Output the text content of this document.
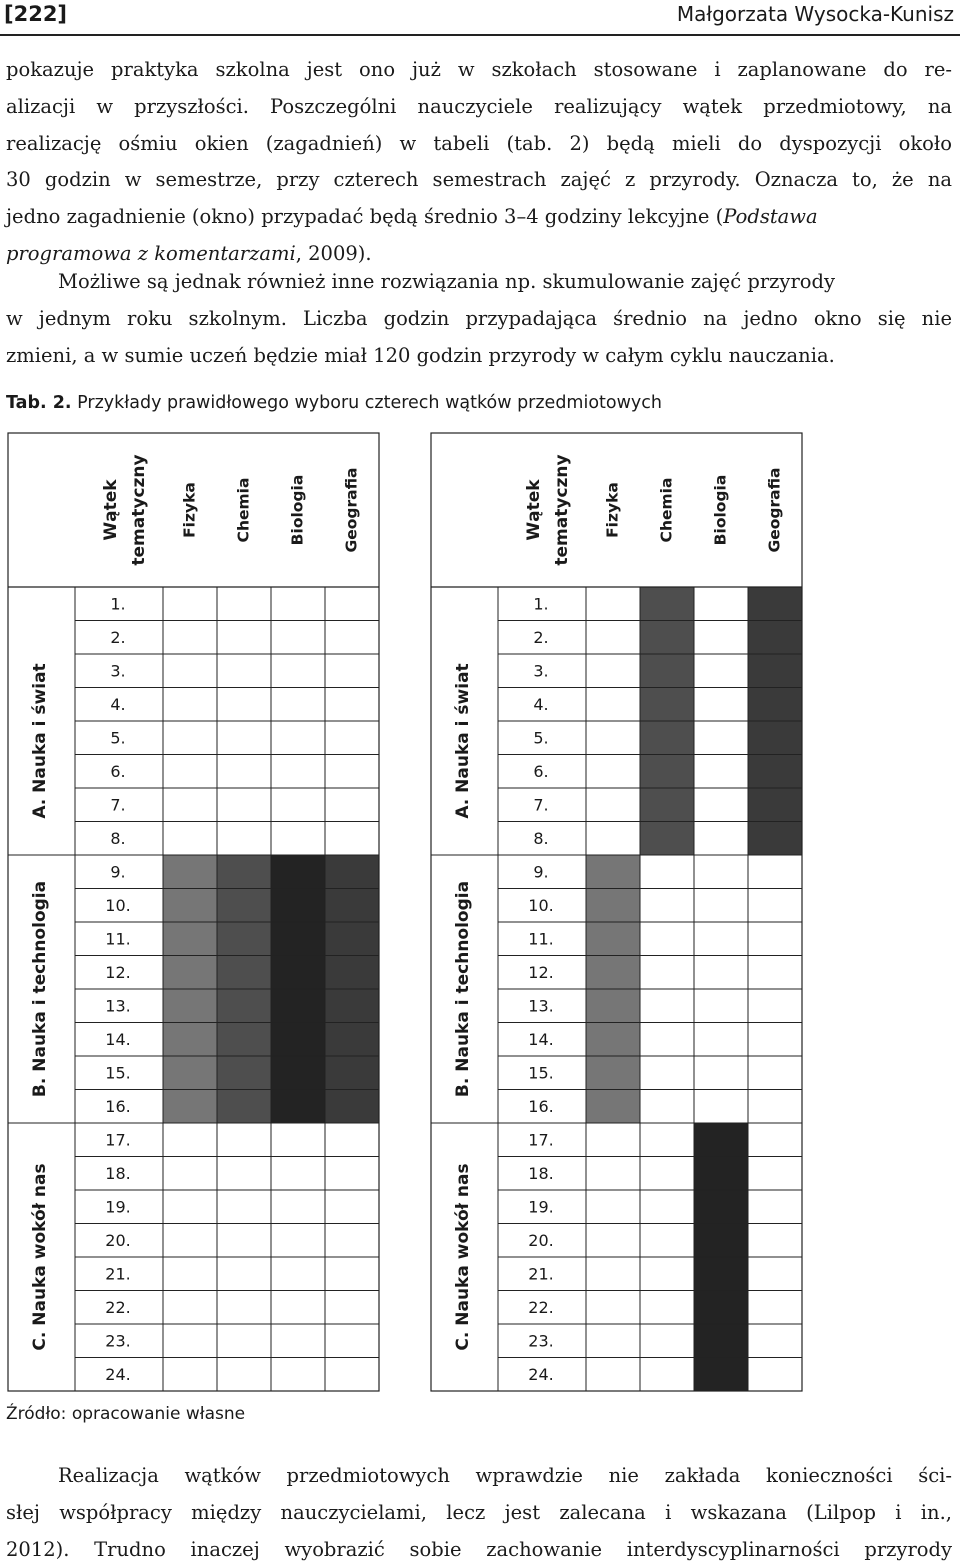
[222]	Małgorzata Wysocka-Kunisz
pokazuje praktyka szkolna jest ono już w szkołach stosowane i zaplanowane do re-
alizacji w przyszłości. Poszczególni nauczyciele realizujący wątek przedmiotowy, na
realizację ośmiu okien (zagadnień) w tabeli (tab. 2) będą mieli do dyspozycji około
30 godzin w semestrze, przy czterech semestrach zajęć z przyrody. Oznacza to, że na
jedno zagadnienie (okno) przypadać będą średnio 3–4 godziny lekcyjne (Podstawa
programowa z komentarzami, 2009).
Możliwe są jednak również inne rozwiązania np. skumulowanie zajęć przyrody
w jednym roku szkolnym. Liczba godzin przypadająca średnio na jedno okno się nie
zmieni, a w sumie uczeń będzie miał 120 godzin przyrody w całym cyklu nauczania.
Tab. 2. Przykłady prawidłowego wyboru czterech wątków przedmiotowych
Wątek tematyczny Fizyka Chemia Biologia Geografia
A. Nauka i świat
B. Nauka i technologia
C. Nauka wokół nas
1.
2.
3.
4.
5.
6.
7.
8.
9.
10.
11.
12.
13.
14.
15.
16.
17.
18.
19.
20.
21.
22.
23.
24.
Wątek tematyczny Fizyka Chemia Biologia Geografia
A. Nauka i świat
B. Nauka i technologia
C. Nauka wokół nas
1.
2.
3.
4.
5.
6.
7.
8.
9.
10.
11.
12.
13.
14.
15.
16.
17.
18.
19.
20.
21.
22.
23.
24.
Źródło: opracowanie własne
Realizacja wątków przedmiotowych wprawdzie nie zakłada konieczności ści-
słej współpracy między nauczycielami, lecz jest zalecana i wskazana (Lilpop i in.,
2012). Trudno inaczej wyobrazić sobie zachowanie interdyscyplinarności przyrody
